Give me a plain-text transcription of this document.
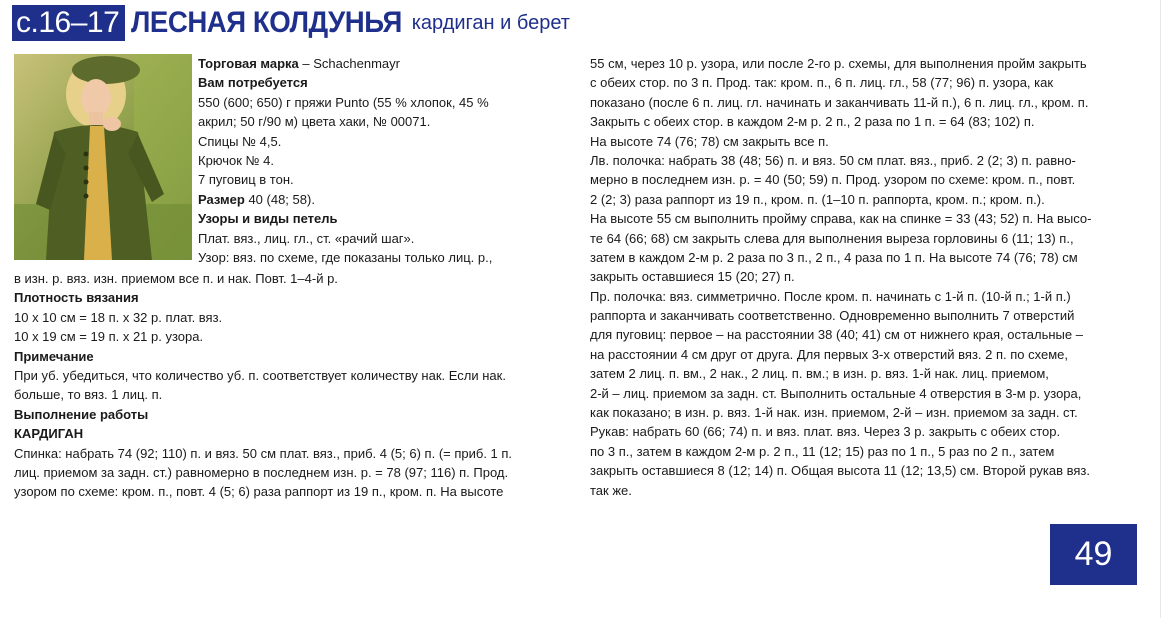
с.16–17 ЛЕСНАЯ КОЛДУНЬЯ кардиган и берет
Торговая марка – Schachenmayr
Вам потребуется
550 (600; 650) г пряжи Punto (55 % хлопок, 45 %
акрил; 50 г/90 м) цвета хаки, № 00071.
Спицы № 4,5.
Крючок № 4.
7 пуговиц в тон.
Размер 40 (48; 58).
Узоры и виды петель
Плат. вяз., лиц. гл., ст. «рачий шаг».
Узор: вяз. по схеме, где показаны только лиц. р.,
в изн. р. вяз. изн. приемом все п. и нак. Повт. 1–4-й р.
Плотность вязания
10 х 10 см = 18 п. х 32 р. плат. вяз.
10 х 19 см = 19 п. х 21 р. узора.
Примечание
При уб. убедиться, что количество уб. п. соответствует количеству нак. Если нак.
больше, то вяз. 1 лиц. п.
Выполнение работы
КАРДИГАН
Спинка: набрать 74 (92; 110) п. и вяз. 50 см плат. вяз., приб. 4 (5; 6) п. (= приб. 1 п.
лиц. приемом за задн. ст.) равномерно в последнем изн. р. = 78 (97; 116) п. Прод.
узором по схеме: кром. п., повт. 4 (5; 6) раза раппорт из 19 п., кром. п. На высоте
55 см, через 10 р. узора, или после 2-го р. схемы, для выполнения пройм закрыть
с обеих стор. по 3 п. Прод. так: кром. п., 6 п. лиц. гл., 58 (77; 96) п. узора, как
показано (после 6 п. лиц. гл. начинать и заканчивать 11-й п.), 6 п. лиц. гл., кром. п.
Закрыть с обеих стор. в каждом 2-м р. 2 п., 2 раза по 1 п. = 64 (83; 102) п.
На высоте 74 (76; 78) см закрыть все п.
Лв. полочка: набрать 38 (48; 56) п. и вяз. 50 см плат. вяз., приб. 2 (2; 3) п. равно-
мерно в последнем изн. р. = 40 (50; 59) п. Прод. узором по схеме: кром. п., повт.
2 (2; 3) раза раппорт из 19 п., кром. п. (1–10 п. раппорта, кром. п.; кром. п.).
На высоте 55 см выполнить пройму справа, как на спинке = 33 (43; 52) п. На высо-
те 64 (66; 68) см закрыть слева для выполнения выреза горловины 6 (11; 13) п.,
затем в каждом 2-м р. 2 раза по 3 п., 2 п., 4 раза по 1 п. На высоте 74 (76; 78) см
закрыть оставшиеся 15 (20; 27) п.
Пр. полочка: вяз. симметрично. После кром. п. начинать с 1-й п. (10-й п.; 1-й п.)
раппорта и заканчивать соответственно. Одновременно выполнить 7 отверстий
для пуговиц: первое – на расстоянии 38 (40; 41) см от нижнего края, остальные –
на расстоянии 4 см друг от друга. Для первых 3-х отверстий вяз. 2 п. по схеме,
затем 2 лиц. п. вм., 2 нак., 2 лиц. п. вм.; в изн. р. вяз. 1-й нак. лиц. приемом,
2-й – лиц. приемом за задн. ст. Выполнить остальные 4 отверстия в 3-м р. узора,
как показано; в изн. р. вяз. 1-й нак. изн. приемом, 2-й – изн. приемом за задн. ст.
Рукав: набрать 60 (66; 74) п. и вяз. плат. вяз. Через 3 р. закрыть с обеих стор.
по 3 п., затем в каждом 2-м р. 2 п., 11 (12; 15) раз по 1 п., 5 раз по 2 п., затем
закрыть оставшиеся 8 (12; 14) п. Общая высота 11 (12; 13,5) см. Второй рукав вяз.
так же.
49
